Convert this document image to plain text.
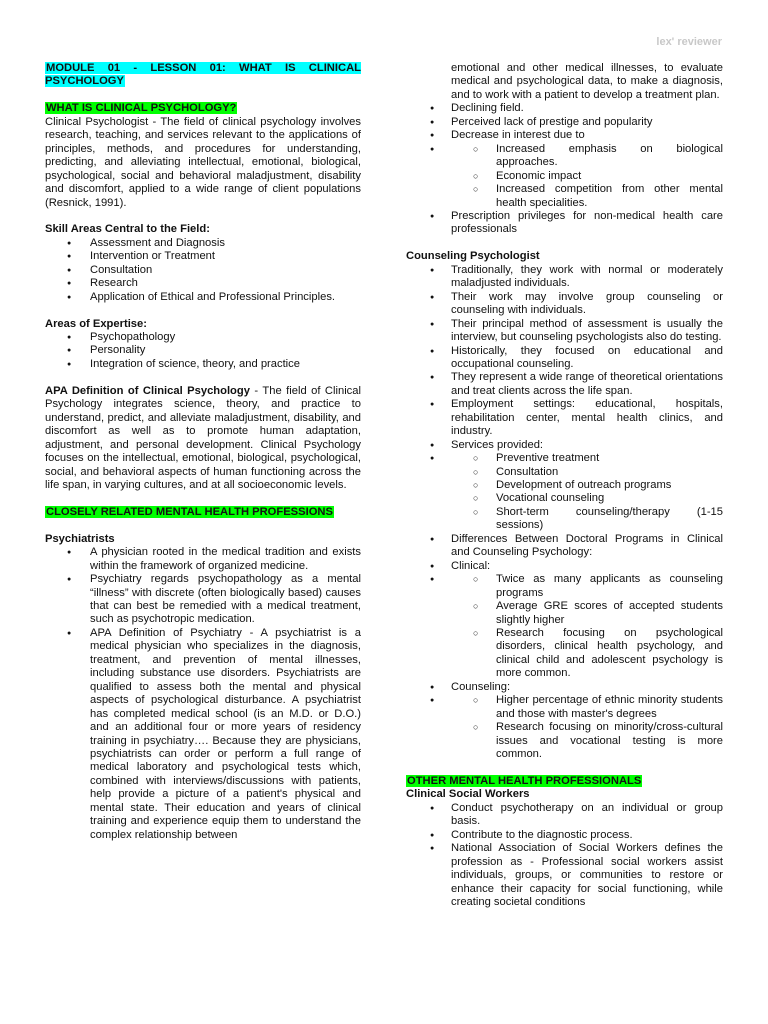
lex' reviewer

MODULE 01 - LESSON 01: WHAT IS CLINICAL PSYCHOLOGY

WHAT IS CLINICAL PSYCHOLOGY?

Clinical Psychologist - The field of clinical psychology involves research, teaching, and services relevant to the applications of principles, methods, and procedures for understanding, predicting, and alleviating intellectual, emotional, biological, psychological, social and behavioral maladjustment, disability and discomfort, applied to a wide range of client populations (Resnick, 1991).

Skill Areas Central to the Field:

● Assessment and Diagnosis
● Intervention or Treatment
● Consultation
● Research
● Application of Ethical and Professional Principles.

Areas of Expertise:

● Psychopathology
● Personality
● Integration of science, theory, and practice

APA Definition of Clinical Psychology - The field of Clinical Psychology integrates science, theory, and practice to understand, predict, and alleviate maladjustment, disability, and discomfort as well as to promote human adaptation, adjustment, and personal development. Clinical Psychology focuses on the intellectual, emotional, biological, psychological, social, and behavioral aspects of human functioning across the life span, in varying cultures, and at all socioeconomic levels.

CLOSELY RELATED MENTAL HEALTH PROFESSIONS

Psychiatrists

● A physician rooted in the medical tradition and exists within the framework of organized medicine.
● Psychiatry regards psychopathology as a mental “illness” with discrete (often biologically based) causes that can best be remedied with a medical treatment, such as psychotropic medication.
● APA Definition of Psychiatry - A psychiatrist is a medical physician who specializes in the diagnosis, treatment, and prevention of mental illnesses, including substance use disorders. Psychiatrists are qualified to assess both the mental and physical aspects of psychological disturbance. A psychiatrist has completed medical school (is an M.D. or D.O.) and an additional four or more years of residency training in psychiatry…. Because they are physicians, psychiatrists can order or perform a full range of medical laboratory and psychological tests which, combined with interviews/discussions with patients, help provide a picture of a patient's physical and mental state. Their education and years of clinical training and experience equip them to understand the complex relationship between
emotional and other medical illnesses, to evaluate medical and psychological data, to make a diagnosis, and to work with a patient to develop a treatment plan.
● Declining field.
● Perceived lack of prestige and popularity
● Decrease in interest due to
○ ● Increased emphasis on biological approaches.
○ Economic impact
○ Increased competition from other mental health specialities.
● Prescription privileges for non-medical health care professionals

Counseling Psychologist

● Traditionally, they work with normal or moderately maladjusted individuals.
● Their work may involve group counseling or counseling with individuals.
● Their principal method of assessment is usually the interview, but counseling psychologists also do testing.
● Historically, they focused on educational and occupational counseling.
● They represent a wide range of theoretical orientations and treat clients across the life span.
● Employment settings: educational, hospitals, rehabilitation center, mental health clinics, and industry.
● Services provided:
○ ● Preventive treatment
○ Consultation
○ Development of outreach programs
○ Vocational counseling
○ Short-term counseling/therapy (1-15 sessions)
● Differences Between Doctoral Programs in Clinical and Counseling Psychology:
● Clinical:
○ ● Twice as many applicants as counseling programs
○ Average GRE scores of accepted students slightly higher
○ Research focusing on psychological disorders, clinical health psychology, and clinical child and adolescent psychology is more common.
● Counseling:
○ ● Higher percentage of ethnic minority students and those with master's degrees
○ Research focusing on minority/cross-cultural issues and vocational testing is more common.

OTHER MENTAL HEALTH PROFESSIONALS

Clinical Social Workers

● Conduct psychotherapy on an individual or group basis.
● Contribute to the diagnostic process.
● National Association of Social Workers defines the profession as - Professional social workers assist individuals, groups, or communities to restore or enhance their capacity for social functioning, while creating societal conditions
